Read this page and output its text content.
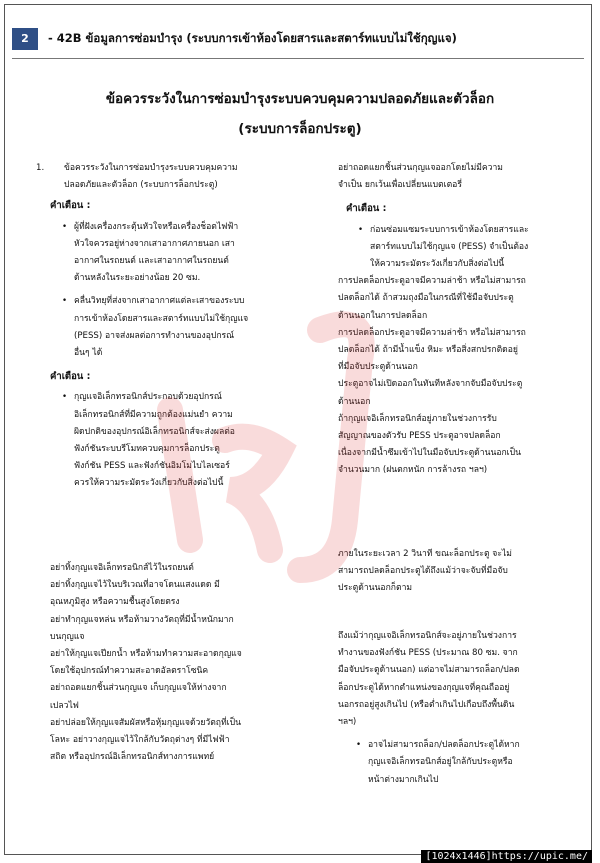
2	- 42B ข้อมูลการซ่อมบำรุง (ระบบการเข้าห้องโดยสารและสตาร์ทแบบไม่ใช้กุญแจ)
ข้อควรระวังในการซ่อมบำรุงระบบควบคุมความปลอดภัยและตัวล็อก
(ระบบการล็อกประตู)
1. ข้อควรระวังในการซ่อมบำรุงระบบควบคุมความ

ปลอดภัยและตัวล็อก (ระบบการล็อกประตู)

คำเตือน :

• ผู้ที่ฝังเครื่องกระตุ้นหัวใจหรือเครื่องช็อตไฟฟ้า

หัวใจควรอยู่ห่างจากเสาอากาศภายนอก เสา

อากาศในรถยนต์ และเสาอากาศในรถยนต์

ด้านหลังในระยะอย่างน้อย 20 ซม.

• คลื่นวิทยุที่ส่งจากเสาอากาศแต่ละเสาของระบบ

การเข้าห้องโดยสารและสตาร์ทแบบไม่ใช้กุญแจ

(PESS) อาจส่งผลต่อการทำงานของอุปกรณ์

อื่นๆ ได้

คำเตือน :

• กุญแจอิเล็กทรอนิกส์ประกอบด้วยอุปกรณ์

อิเล็กทรอนิกส์ที่มีความถูกต้องแม่นยำ ความ

ผิดปกติของอุปกรณ์อิเล็กทรอนิกส์จะส่งผลต่อ

ฟังก์ชันระบบรีโมทควบคุมการล็อกประตู

ฟังก์ชัน PESS และฟังก์ชันอิมโมไบไลเซอร์

ควรให้ความระมัดระวังเกี่ยวกับสิ่งต่อไปนี้

อย่าทิ้งกุญแจอิเล็กทรอนิกส์ไว้ในรถยนต์

อย่าทิ้งกุญแจไว้ในบริเวณที่อาจโดนแสงแดด มี

อุณหภูมิสูง หรือความชื้นสูงโดยตรง

อย่าทำกุญแจหล่น หรือห้ามวางวัตถุที่มีน้ำหนักมาก

บนกุญแจ

อย่าให้กุญแจเปียกน้ำ หรือห้ามทำความสะอาดกุญแจ

โดยใช้อุปกรณ์ทำความสะอาดอัลตราโซนิค

อย่าถอดแยกชิ้นส่วนกุญแจ เก็บกุญแจให้ห่างจาก

เปลวไฟ

อย่าปล่อยให้กุญแจสัมผัสหรือหุ้มกุญแจด้วยวัตถุที่เป็น

โลหะ อย่าวางกุญแจไว้ใกล้กับวัตถุต่างๆ ที่มีไฟฟ้า

สถิต หรืออุปกรณ์อิเล็กทรอนิกส์ทางการแพทย์

อย่าถอดแยกชิ้นส่วนกุญแจออกโดยไม่มีความ

จำเป็น ยกเว้นเพื่อเปลี่ยนแบตเตอรี่

คำเตือน :

• ก่อนซ่อมแซมระบบการเข้าห้องโดยสารและ

สตาร์ทแบบไม่ใช้กุญแจ (PESS) จำเป็นต้อง

ให้ความระมัดระวังเกี่ยวกับสิ่งต่อไปนี้

การปลดล็อกประตูอาจมีความล่าช้า หรือไม่สามารถ

ปลดล็อกได้ ถ้าสวมถุงมือในกรณีที่ใช้มือจับประตู

ด้านนอกในการปลดล็อก

การปลดล็อกประตูอาจมีความล่าช้า หรือไม่สามารถ

ปลดล็อกได้ ถ้ามีน้ำแข็ง หิมะ หรือสิ่งสกปรกติดอยู่

ที่มือจับประตูด้านนอก

ประตูอาจไม่เปิดออกในทันทีหลังจากจับมือจับประตู

ด้านนอก

ถ้ากุญแจอิเล็กทรอนิกส์อยู่ภายในช่วงการรับ

สัญญาณของตัวรับ PESS ประตูอาจปลดล็อก

เนื่องจากมีน้ำซึมเข้าไปในมือจับประตูด้านนอกเป็น

จำนวนมาก (ฝนตกหนัก การล้างรถ ฯลฯ)

ภายในระยะเวลา 2 วินาที ขณะล็อกประตู จะไม่

สามารถปลดล็อกประตูได้ถึงแม้ว่าจะจับที่มือจับ

ประตูด้านนอกก็ตาม

ถึงแม้ว่ากุญแจอิเล็กทรอนิกส์จะอยู่ภายในช่วงการ

ทำงานของฟังก์ชัน PESS (ประมาณ 80 ซม. จาก

มือจับประตูด้านนอก) แต่อาจไม่สามารถล็อก/ปลด

ล็อกประตูได้หากตำแหน่งของกุญแจที่คุณถืออยู่

นอกรถอยู่สูงเกินไป (หรือต่ำเกินไปเกือบถึงพื้นดิน

ฯลฯ)

• อาจไม่สามารถล็อก/ปลดล็อกประตูได้หาก

กุญแจอิเล็กทรอนิกส์อยู่ใกล้กับประตูหรือ

หน้าต่างมากเกินไป

[1024x1446]https://upic.me/
